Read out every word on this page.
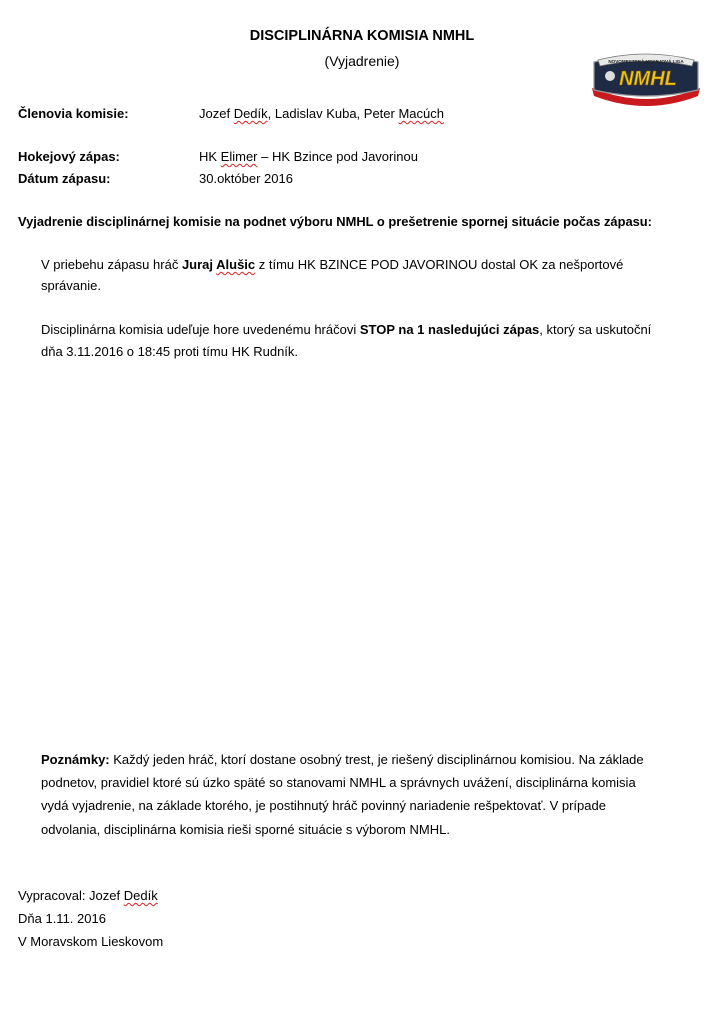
DISCIPLINÁRNA KOMISIA NMHL
(Vyjadrenie)	NOVOMESTSKÁ HOKEJOVÁ LIGA
NMHL
Členovia komisie:	Jozef Dedík, Ladislav Kuba, Peter Macúch
Hokejový zápas:	HK Elimer – HK Bzince pod Javorinou
Dátum zápasu:	30.október 2016
Vyjadrenie disciplinárnej komisie na podnet výboru NMHL o prešetrenie spornej situácie počas zápasu:
V priebehu zápasu hráč Juraj Alušic z tímu HK BZINCE POD JAVORINOU dostal OK za nešportové
správanie.
Disciplinárna komisia udeľuje hore uvedenému hráčovi STOP na 1 nasledujúci zápas, ktorý sa uskutoční
dňa 3.11.2016 o 18:45 proti tímu HK Rudník.
Poznámky: Každý jeden hráč, ktorí dostane osobný trest, je riešený disciplinárnou komisiou. Na základe
podnetov, pravidiel ktoré sú úzko späté so stanovami NMHL a správnych uvážení, disciplinárna komisia
vydá vyjadrenie, na základe ktorého, je postihnutý hráč povinný nariadenie rešpektovať. V prípade
odvolania, disciplinárna komisia rieši sporné situácie s výborom NMHL.
Vypracoval: Jozef Dedík
Dňa 1.11. 2016
V Moravskom Lieskovom
